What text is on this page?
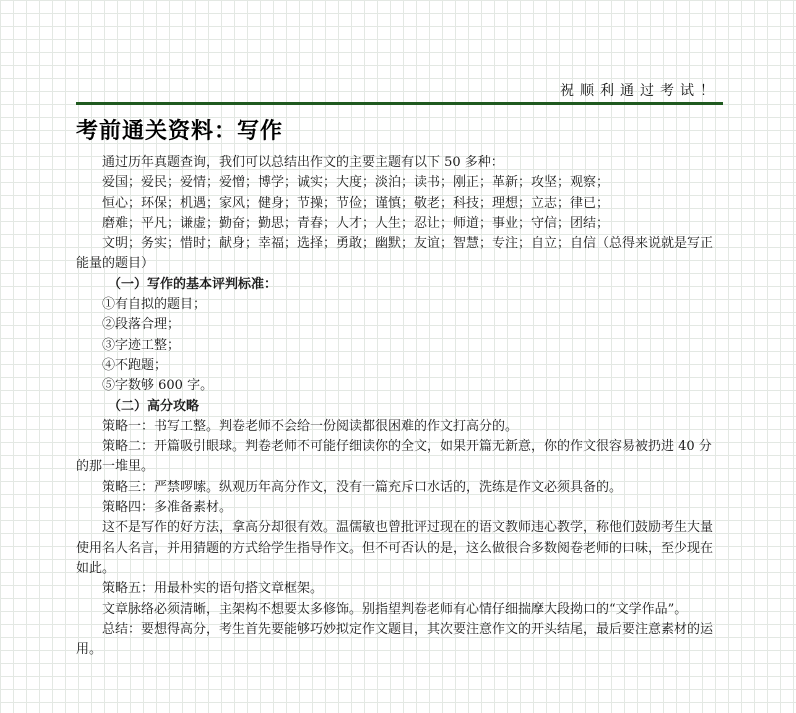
祝顺利通过考试！
考前通关资料：写作

通过历年真题查询，我们可以总结出作文的主要主题有以下 50 多种：

爱国；爱民；爱情；爱憎；博学；诚实；大度；淡泊；读书；刚正；革新；攻坚；观察；

恒心；环保；机遇；家风；健身；节操；节俭；谨慎；敬老；科技；理想；立志；律已；

磨难；平凡；谦虚；勤奋；勤思；青春；人才；人生；忍让；师道；事业；守信；团结；

文明；务实；惜时；献身；幸福；选择；勇敢；幽默；友谊；智慧；专注；自立；自信（总得来说就是写正能量的题目）

（一）写作的基本评判标准：

①有自拟的题目；

②段落合理；

③字迹工整；

④不跑题；

⑤字数够 600 字。

（二）高分攻略

策略一：书写工整。判卷老师不会给一份阅读都很困难的作文打高分的。

策略二：开篇吸引眼球。判卷老师不可能仔细读你的全文，如果开篇无新意，你的作文很容易被扔进 40 分的那一堆里。

策略三：严禁啰嗦。纵观历年高分作文，没有一篇充斥口水话的，洗练是作文必须具备的。

策略四：多准备素材。

这不是写作的好方法，拿高分却很有效。温儒敏也曾批评过现在的语文教师违心教学，称他们鼓励考生大量使用名人名言，并用猜题的方式给学生指导作文。但不可否认的是，这么做很合多数阅卷老师的口味，至少现在如此。

策略五：用最朴实的语句搭文章框架。

文章脉络必须清晰，主架构不想要太多修饰。别指望判卷老师有心情仔细揣摩大段拗口的“文学作品”。

总结：要想得高分，考生首先要能够巧妙拟定作文题目，其次要注意作文的开头结尾，最后要注意素材的运用。
